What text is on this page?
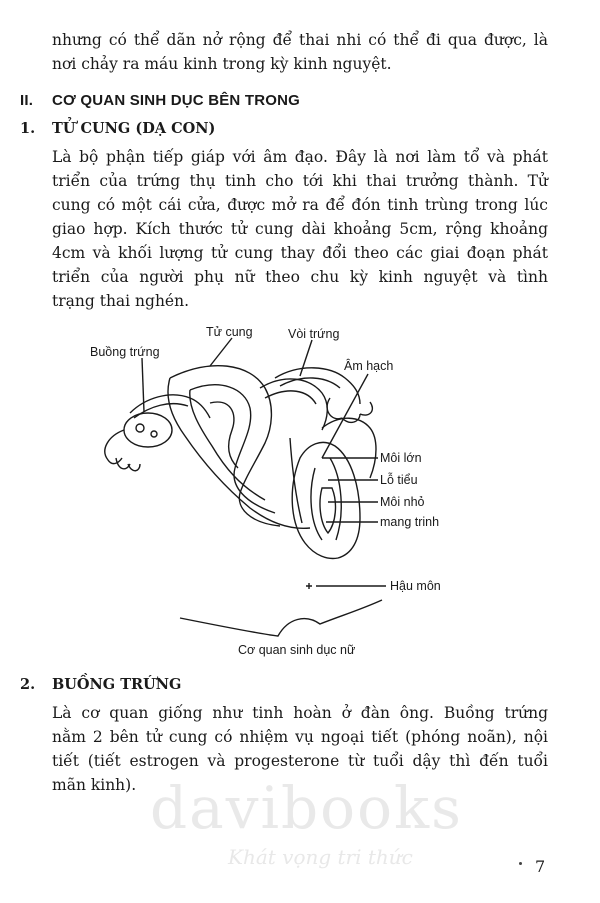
nhưng có thể dãn nở rộng để thai nhi có thể đi qua được, là
nơi chảy ra máu kinh trong kỳ kinh nguyệt.

II. CƠ QUAN SINH DỤC BÊN TRONG
1. TỬ CUNG (DẠ CON)

Là bộ phận tiếp giáp với âm đạo. Đây là nơi làm tổ và phát
triển của trứng thụ tinh cho tới khi thai trưởng thành. Tử
cung có một cái cửa, được mở ra để đón tinh trùng trong lúc
giao hợp. Kích thước tử cung dài khoảng 5cm, rộng khoảng
4cm và khối lượng tử cung thay đổi theo các giai đoạn phát
triển của người phụ nữ theo chu kỳ kinh nguyệt và tình
trạng thai nghén.

Tử cung	Vòi trứng
Buồng trứng
Âm hạch
Môi lớn
Lỗ tiểu
Môi nhỏ
mang trinh
Hậu môn
Cơ quan sinh dục nữ
2. BUỒNG TRỨNG

Là cơ quan giống như tinh hoàn ở đàn ông. Buồng trứng
nằm 2 bên tử cung có nhiệm vụ ngoại tiết (phóng noãn), nội
tiết (tiết estrogen và progesterone từ tuổi dậy thì đến tuổi
mãn kinh). davibooks
Khát vọng tri thức	7
